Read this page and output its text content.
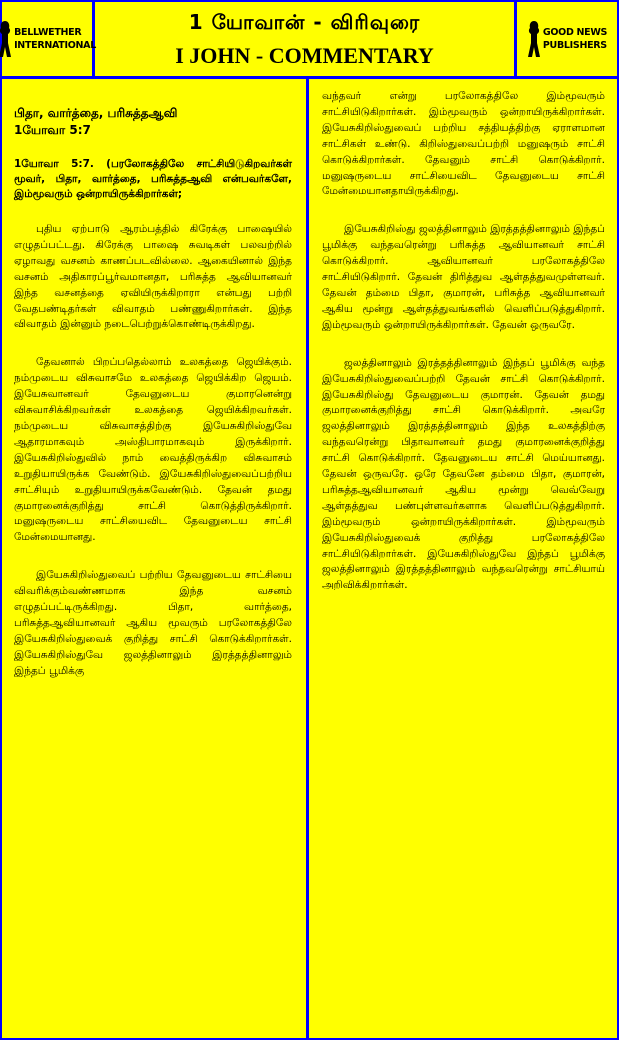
BELLWETHER
INTERNATIONAL
1 யோவான் - விரிவுரை
I JOHN - COMMENTARY
GOOD NEWS
PUBLISHERS
பிதா, வார்த்தை, பரிசுத்தஆவி
1யோவா 5:7

1யோவா 5:7. (பரலோகத்திலே சாட்சியிடுகிறவர்கள் மூவர், பிதா, வார்த்தை, பரிசுத்தஆவி என்பவர்களே, இம்மூவரும் ஒன்றாயிருக்கிறார்கள்;

புதிய ஏற்பாடு ஆரம்பத்தில் கிரேக்கு பாஷையில் எழுதப்பட்டது. கிரேக்கு பாஷை சுவடிகள் பலவற்றில் ஏழாவது வசனம் காணப்படவில்லை. ஆகையினால் இந்த வசனம் அதிகாரப்பூர்வமானதா, பரிசுத்த ஆவியானவர் இந்த வசனத்தை ஏவியிருக்கிறாரா என்பது பற்றி வேதபண்டிதர்கள் விவாதம் பண்ணுகிறார்கள். இந்த விவாதம் இன்னும் நடைபெற்றுக்கொண்டிருக்கிறது.

தேவனால் பிறப்பதெல்லாம் உலகத்தை ஜெயிக்கும். நம்முடைய விசுவாசமே உலகத்தை ஜெயிக்கிற ஜெயம். இயேசுவானவர் தேவனுடைய குமாரனென்று விசுவாசிக்கிறவர்கள் உலகத்தை ஜெயிக்கிறவர்கள். நம்முடைய விசுவாசத்திற்கு இயேசுகிறிஸ்துவே ஆதாரமாகவும் அஸ்திபாரமாகவும் இருக்கிறார். இயேசுகிறிஸ்துவில் நாம் வைத்திருக்கிற விசுவாசம் உறுதியாயிருக்க வேண்டும். இயேசுகிறிஸ்துவைப்பற்றிய சாட்சியும் உறுதியாயிருக்கவேண்டும். தேவன் தமது குமாரனைக்குறித்து சாட்சி கொடுத்திருக்கிறார். மனுஷருடைய சாட்சியைவிட தேவனுடைய சாட்சி மேன்மையானது.

இயேசுகிறிஸ்துவைப் பற்றிய தேவனுடைய சாட்சியை விவரிக்கும்வண்ணமாக இந்த வசனம் எழுதப்பட்டிருக்கிறது. பிதா, வார்த்தை, பரிசுத்தஆவியானவர் ஆகிய மூவரும் பரலோகத்திலே இயேசுகிறிஸ்துவைக் குறித்து சாட்சி கொடுக்கிறார்கள். இயேசுகிறிஸ்துவே ஜலத்தினாலும் இரத்தத்தினாலும் இந்தப் பூமிக்கு

வந்தவர் என்று பரலோகத்திலே இம்மூவரும் சாட்சியிடுகிறார்கள். இம்மூவரும் ஒன்றாயிருக்கிறார்கள். இயேசுகிறிஸ்துவைப் பற்றிய சத்தியத்திற்கு ஏராளமான சாட்சிகள் உண்டு. கிறிஸ்துவைப்பற்றி மனுஷரும் சாட்சி கொடுக்கிறார்கள். தேவனும் சாட்சி கொடுக்கிறார். மனுஷருடைய சாட்சியைவிட தேவனுடைய சாட்சி மேன்மையானதாயிருக்கிறது.

இயேசுகிறிஸ்து ஜலத்தினாலும் இரத்தத்தினாலும் இந்தப் பூமிக்கு வந்தவரென்று பரிசுத்த ஆவியானவர் சாட்சி கொடுக்கிறார். ஆவியானவர் பரலோகத்திலே சாட்சியிடுகிறார். தேவன் திரித்துவ ஆள்தத்துவமுள்ளவர். தேவன் தம்மை பிதா, குமாரன், பரிசுத்த ஆவியானவர் ஆகிய மூன்று ஆள்தத்துவங்களில் வெளிப்படுத்துகிறார். இம்மூவரும் ஒன்றாயிருக்கிறார்கள். தேவன் ஒருவரே.

ஜலத்தினாலும் இரத்தத்தினாலும் இந்தப் பூமிக்கு வந்த இயேசுகிறிஸ்துவைப்பற்றி தேவன் சாட்சி கொடுக்கிறார். இயேசுகிறிஸ்து தேவனுடைய குமாரன். தேவன் தமது குமாரனைக்குறித்து சாட்சி கொடுக்கிறார். அவரே ஜலத்தினாலும் இரத்தத்தினாலும் இந்த உலகத்திற்கு வந்தவரென்று பிதாவானவர் தமது குமாரனைக்குறித்து சாட்சி கொடுக்கிறார். தேவனுடைய சாட்சி மெய்யானது. தேவன் ஒருவரே. ஒரே தேவனே தம்மை பிதா, குமாரன், பரிசுத்தஆவியானவர் ஆகிய மூன்று வெவ்வேறு ஆள்தத்துவ பண்புள்ளவர்களாக வெளிப்படுத்துகிறார். இம்மூவரும் ஒன்றாயிருக்கிறார்கள். இம்மூவரும் இயேசுகிறிஸ்துவைக் குறித்து பரலோகத்திலே சாட்சியிடுகிறார்கள். இயேசுகிறிஸ்துவே இந்தப் பூமிக்கு ஜலத்தினாலும் இரத்தத்தினாலும் வந்தவரென்று சாட்சியாய் அறிவிக்கிறார்கள்.
